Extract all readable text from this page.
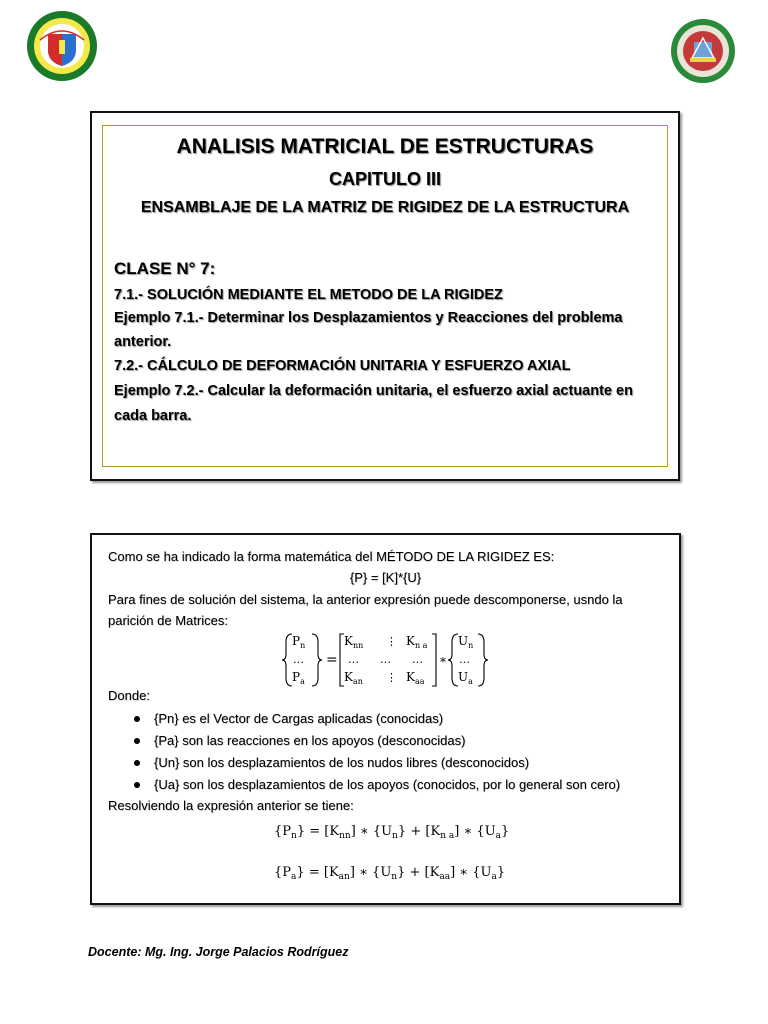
ANALISIS MATRICIAL DE ESTRUCTURAS
CAPITULO III
ENSAMBLAJE DE LA MATRIZ DE RIGIDEZ DE LA ESTRUCTURA
CLASE N° 7:
7.1.- SOLUCIÓN MEDIANTE EL METODO DE LA RIGIDEZ
Ejemplo 7.1.- Determinar los Desplazamientos y Reacciones del problema
anterior.
7.2.- CÁLCULO DE DEFORMACIÓN UNITARIA Y ESFUERZO AXIAL
Ejemplo 7.2.- Calcular la deformación unitaria, el esfuerzo axial actuante en
cada barra.
Como se ha indicado la forma matemática del MÉTODO DE LA RIGIDEZ ES:
{P} = [K]*{U}
Para fines de solución del sistema, la anterior expresión puede descomponerse, usndo la
parición de Matrices:
$P_n$
…
$P_a$
=
$K_{nn}$ ⋮ $K_{n a}$
… … …
$K_{an}$ ⋮ $K_{aa}$
*
$U_n$
…
$U_a$
Donde:
{Pn} es el Vector de Cargas aplicadas (conocidas)
{Pa} son las reacciones en los apoyos (desconocidas)
{Un} son los desplazamientos de los nudos libres (desconocidos)
{Ua} son los desplazamientos de los apoyos (conocidos, por lo general son cero)
Resolviendo la expresión anterior se tiene:
$\{P_n\} = [K_{nn}]$ ∗ $\{U_n\} + [K_{n a}]$ ∗ $\{U_a\}$
$\{P_a\} = [K_{an}]$ ∗ $\{U_n\} + [K_{aa}]$ ∗ $\{U_a\}$
Docente: Mg. Ing. Jorge Palacios Rodríguez
